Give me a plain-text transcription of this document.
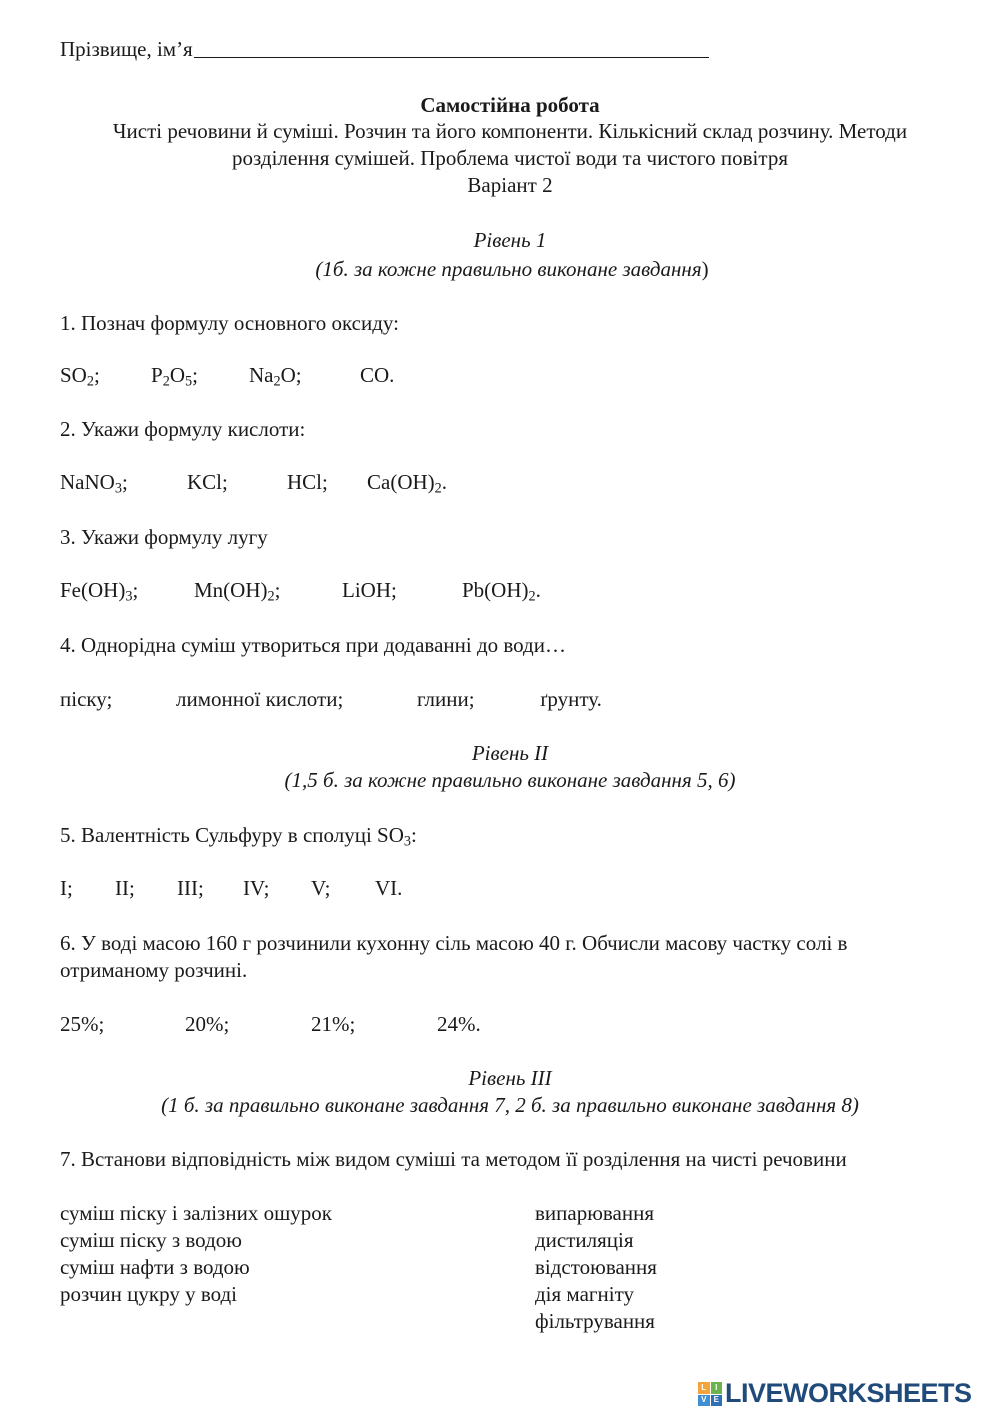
Прізвище, ім’я
Самостійна робота
Чисті речовини й суміші. Розчин та його компоненти. Кількісний склад розчину. Методи
розділення сумішей. Проблема чистої води та чистого повітря
Варіант 2
Рівень 1
(1б. за кожне правильно виконане завдання)
1. Познач формулу основного оксиду:
$SO_2$; $P_2O_5$; $Na_2O$;	CO.
2. Укажи формулу кислоти:
NaNO$_3$;	KCl;	HCl; $Ca(OH)_2$.
3. Укажи формулу лугу
$Fe(OH)_3$;	$Mn(OH)_2$;	LiOH;	$Pb(OH)_2$.
4. Однорідна суміш утвориться при додаванні до води…
піску;	лимонної кислоти;	глини;	ґрунту.
Рівень ІІ
(1,5 б. за кожне правильно виконане завдання 5, 6)
5. Валентність Сульфуру в сполуці $SO_3$:
I; II; III; IV; V; VI.
6. У воді масою 160 г розчинили кухонну сіль масою 40 г. Обчисли масову частку солі в
отриманому розчині.
25%;	20%;	21%;	24%.
Рівень ІІІ
(1 б. за правильно виконане завдання 7, 2 б. за правильно виконане завдання 8)
7. Встанови відповідність між видом суміші та методом її розділення на чисті речовини
суміш піску і залізних ошурок
суміш піску з водою
суміш нафти з водою
розчин цукру у воді
випарювання
дистиляція
відстоювання
дія магніту
фільтрування
L	I
V E LIVEWORKSHEETS
